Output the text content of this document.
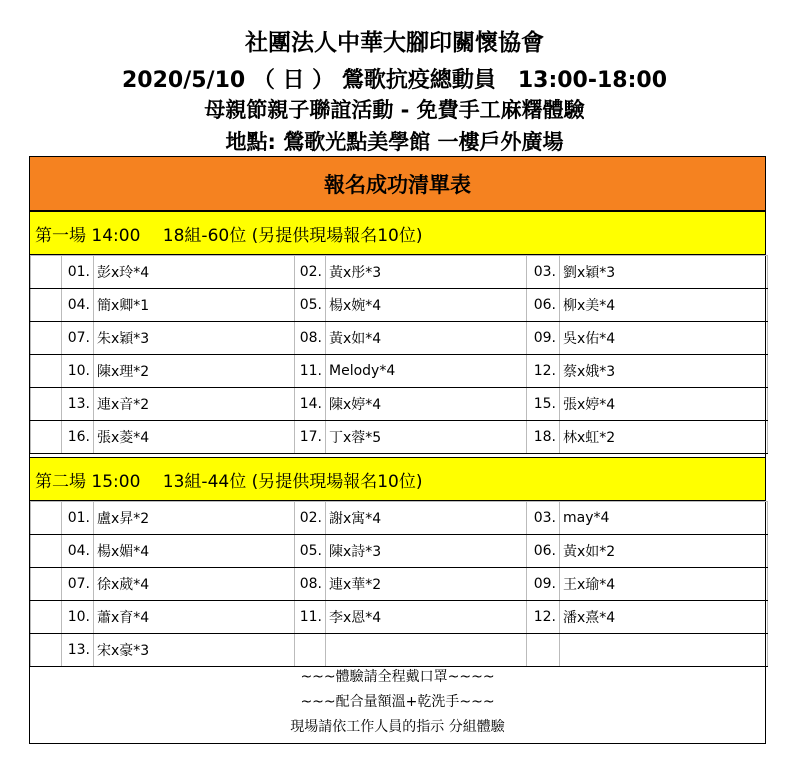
社團法人中華大腳印關懷協會
2020/5/10 （ 日 ） 鶯歌抗疫總動員　13:00-18:00
母親節親子聯誼活動 - 免費手工麻糬體驗
地點: 鶯歌光點美學館 一樓戶外廣場
報名成功清單表
第一場 14:00　 18組-60位 (另提供現場報名10位)
	01.	彭x玲*4	02.	黃x彤*3	03.	劉x穎*3
	04.	簡x卿*1	05.	楊x婉*4	06.	柳x美*4
	07.	朱x穎*3	08.	黃x如*4	09.	吳x佑*4
	10.	陳x理*2	11.	Melody*4	12.	蔡x娥*3
	13.	連x音*2	14.	陳x婷*4	15.	張x婷*4
	16.	張x菱*4	17.	丁x蓉*5	18.	林x虹*2
第二場 15:00　 13組-44位 (另提供現場報名10位)
	01.	盧x昇*2	02.	謝x寓*4	03.	may*4
	04.	楊x媚*4	05.	陳x詩*3	06.	黃x如*2
	07.	徐x葳*4	08.	連x華*2	09.	王x瑜*4
	10.	蕭x育*4	11.	李x恩*4	12.	潘x熹*4
	13.	宋x豪*3				
~~~體驗請全程戴口罩~~~~
~~~配合量額溫+乾洗手~~~
現場請依工作人員的指示 分組體驗
